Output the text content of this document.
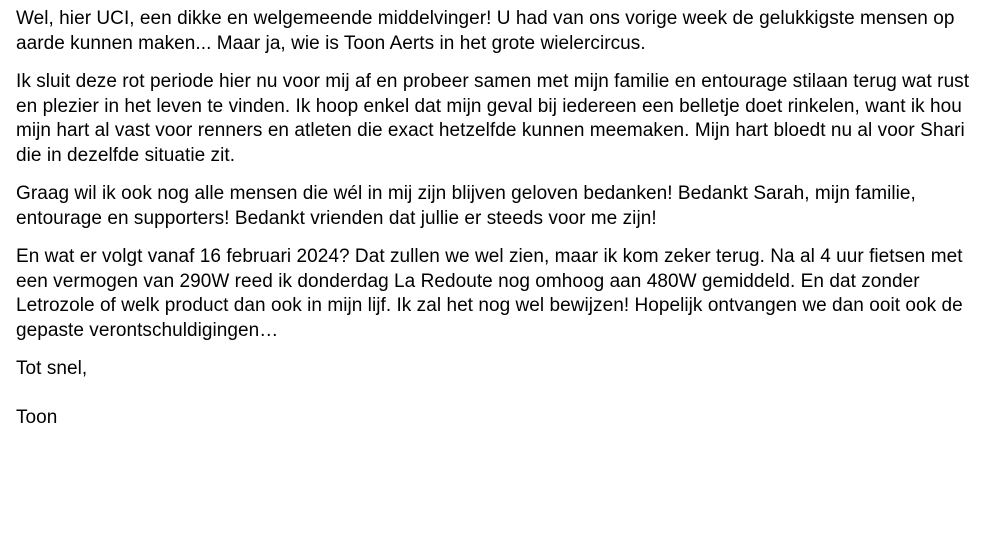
Wel, hier UCI, een dikke en welgemeende middelvinger! U had van ons vorige week de gelukkigste mensen op aarde kunnen maken... Maar ja, wie is Toon Aerts in het grote wielercircus.

Ik sluit deze rot periode hier nu voor mij af en probeer samen met mijn familie en entourage stilaan terug wat rust en plezier in het leven te vinden. Ik hoop enkel dat mijn geval bij iedereen een belletje doet rinkelen, want ik hou mijn hart al vast voor renners en atleten die exact hetzelfde kunnen meemaken. Mijn hart bloedt nu al voor Shari die in dezelfde situatie zit.

Graag wil ik ook nog alle mensen die wél in mij zijn blijven geloven bedanken! Bedankt Sarah, mijn familie, entourage en supporters! Bedankt vrienden dat jullie er steeds voor me zijn!

En wat er volgt vanaf 16 februari 2024? Dat zullen we wel zien, maar ik kom zeker terug. Na al 4 uur fietsen met een vermogen van 290W reed ik donderdag La Redoute nog omhoog aan 480W gemiddeld. En dat zonder Letrozole of welk product dan ook in mijn lijf. Ik zal het nog wel bewijzen! Hopelijk ontvangen we dan ooit ook de gepaste verontschuldigingen…

Tot snel,

Toon
